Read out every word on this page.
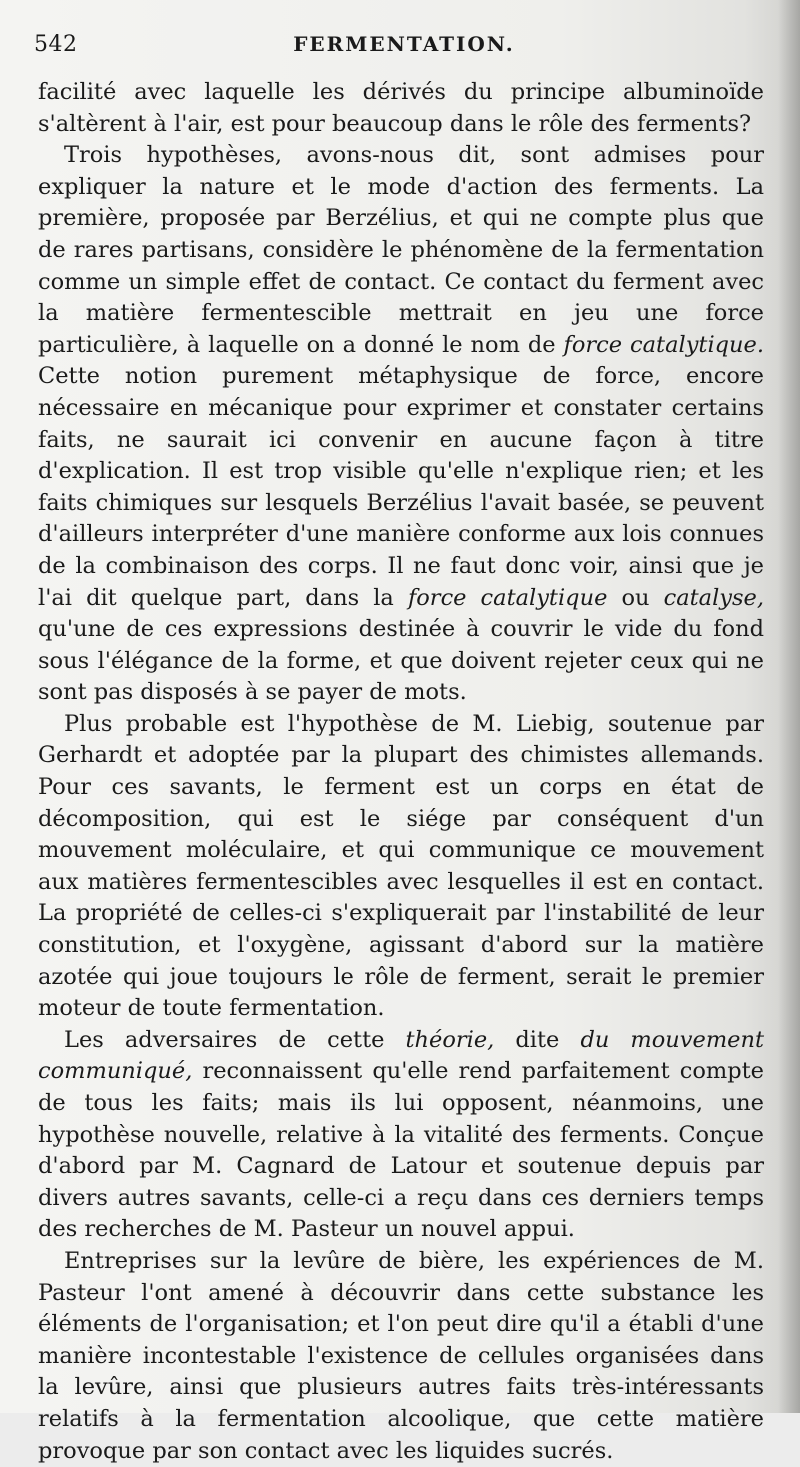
542	FERMENTATION.

facilité avec laquelle les dérivés du principe albuminoïde s'altèrent à l'air, est pour beaucoup dans le rôle des ferments?

Trois hypothèses, avons-nous dit, sont admises pour expliquer la nature et le mode d'action des ferments. La première, proposée par Berzélius, et qui ne compte plus que de rares partisans, considère le phénomène de la fermentation comme un simple effet de contact. Ce contact du ferment avec la matière fermentescible mettrait en jeu une force particulière, à laquelle on a donné le nom de force catalytique. Cette notion purement métaphysique de force, encore nécessaire en mécanique pour exprimer et constater certains faits, ne saurait ici convenir en aucune façon à titre d'explication. Il est trop visible qu'elle n'explique rien; et les faits chimiques sur lesquels Berzélius l'avait basée, se peuvent d'ailleurs interpréter d'une manière conforme aux lois connues de la combinaison des corps. Il ne faut donc voir, ainsi que je l'ai dit quelque part, dans la force catalytique ou catalyse, qu'une de ces expressions destinée à couvrir le vide du fond sous l'élégance de la forme, et que doivent rejeter ceux qui ne sont pas disposés à se payer de mots.

Plus probable est l'hypothèse de M. Liebig, soutenue par Gerhardt et adoptée par la plupart des chimistes allemands. Pour ces savants, le ferment est un corps en état de décomposition, qui est le siége par conséquent d'un mouvement moléculaire, et qui communique ce mouvement aux matières fermentescibles avec lesquelles il est en contact. La propriété de celles-ci s'expliquerait par l'instabilité de leur constitution, et l'oxygène, agissant d'abord sur la matière azotée qui joue toujours le rôle de ferment, serait le premier moteur de toute fermentation.

Les adversaires de cette théorie, dite du mouvement communiqué, reconnaissent qu'elle rend parfaitement compte de tous les faits; mais ils lui opposent, néanmoins, une hypothèse nouvelle, relative à la vitalité des ferments. Conçue d'abord par M. Cagnard de Latour et soutenue depuis par divers autres savants, celle-ci a reçu dans ces derniers temps des recherches de M. Pasteur un nouvel appui.

Entreprises sur la levûre de bière, les expériences de M. Pasteur l'ont amené à découvrir dans cette substance les éléments de l'organisation; et l'on peut dire qu'il a établi d'une manière incontestable l'existence de cellules organisées dans la levûre, ainsi que plusieurs autres faits très-intéressants relatifs à la fermentation alcoolique, que cette matière provoque par son contact avec les liquides sucrés.
